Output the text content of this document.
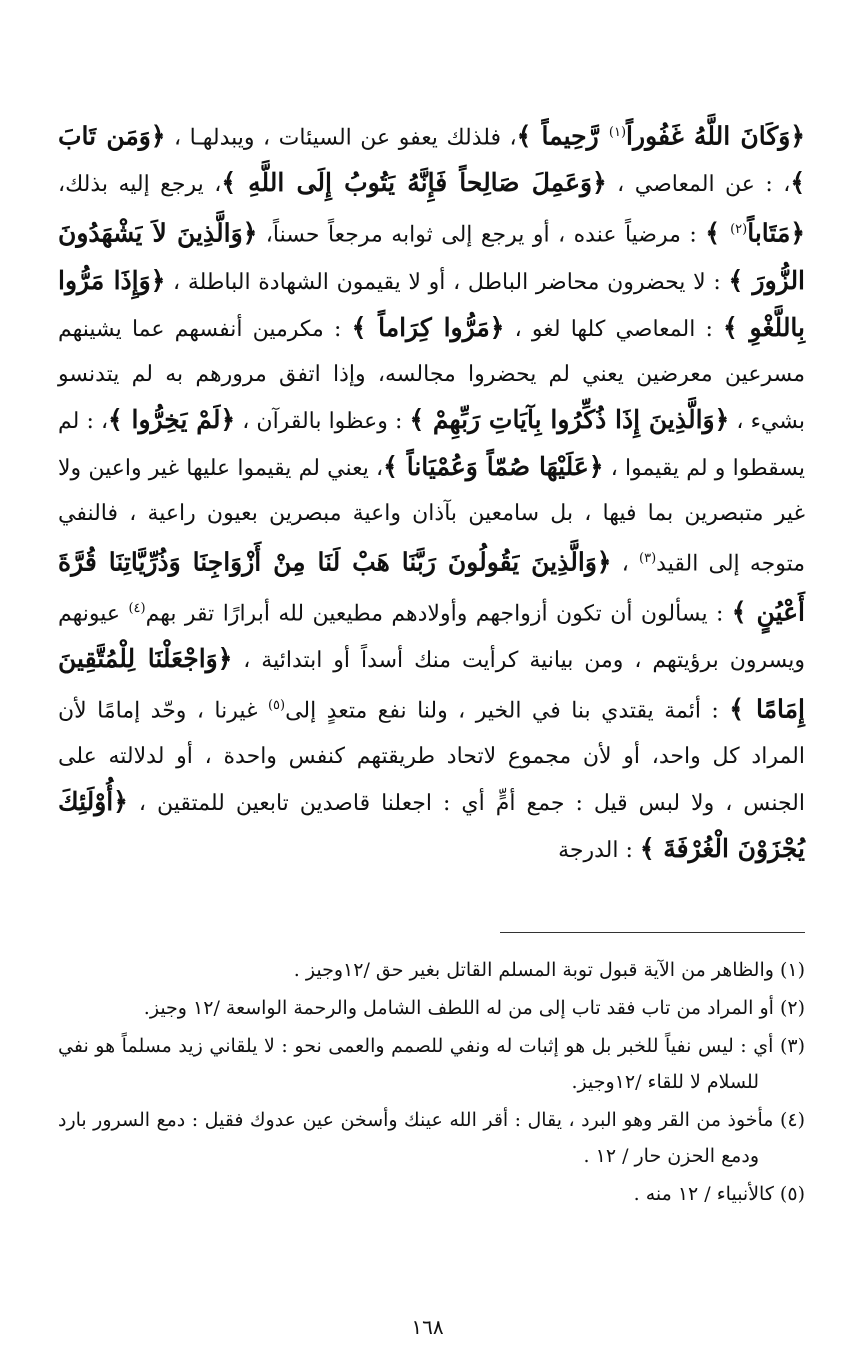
﴿وَكَانَ اللَّهُ غَفُوراً$^{(١)}$ رَّحِيماً ﴾، فلذلك يعفو عن السيئات ، ويبدلهـا ، ﴿وَمَن تَابَ ﴾، : عن المعاصي ، ﴿وَعَمِلَ صَالِحاً فَإِنَّهُ يَتُوبُ إِلَى اللَّهِ ﴾، يرجع إليه بذلك، ﴿مَتَاباً$^{(٢)}$ ﴾ : مرضياً عنده ، أو يرجع إلى ثوابه مرجعاً حسناً، ﴿وَالَّذِينَ لاَ يَشْهَدُونَ الزُّورَ ﴾ : لا يحضرون محاضر الباطل ، أو لا يقيمون الشهادة الباطلة ، ﴿وَإِذَا مَرُّوا بِاللَّغْوِ ﴾ : المعاصي كلها لغو ، ﴿مَرُّوا كِرَاماً ﴾ : مكرمين أنفسهم عما يشينهم مسرعين معرضين يعني لم يحضروا مجالسه، وإذا اتفق مرورهم به لم يتدنسو بشيء ، ﴿وَالَّذِينَ إِذَا ذُكِّرُوا بِآيَاتِ رَبِّهِمْ ﴾ : وعظوا بالقرآن ، ﴿لَمْ يَخِرُّوا ﴾، : لم يسقطوا و لم يقيموا ، ﴿عَلَيْهَا صُمّاً وَعُمْيَاناً ﴾، يعني لم يقيموا عليها غير واعين ولا غير متبصرين بما فيها ، بل سامعين بآذان واعية مبصرين بعيون راعية ، فالنفي متوجه إلى القيد$^{(٣)}$ ، ﴿وَالَّذِينَ يَقُولُونَ رَبَّنَا هَبْ لَنَا مِنْ أَزْوَاجِنَا وَذُرِّيَّاتِنَا قُرَّةَ أَعْيُنٍ ﴾ : يسألون أن تكون أزواجهم وأولادهم مطيعين لله أبرارًا تقر بهم$^{(٤)}$ عيونهم ويسرون برؤيتهم ، ومن بيانية كرأيت منك أسداً أو ابتدائية ، ﴿وَاجْعَلْنَا لِلْمُتَّقِينَ إِمَامًا ﴾ : أئمة يقتدي بنا في الخير ، ولنا نفع متعدٍ إلى$^{(٥)}$ غيرنا ، وحّد إمامًا لأن المراد كل واحد، أو لأن مجموع لاتحاد طريقتهم كنفس واحدة ، أو لدلالته على الجنس ، ولا لبس قيل : جمع أمٍّ أي : اجعلنا قاصدين تابعين للمتقين ، ﴿أُوْلَئِكَ يُجْزَوْنَ الْغُرْفَةَ ﴾ : الدرجة

(١) والظاهر من الآية قبول توبة المسلم القاتل بغير حق /١٢وجيز .

(٢) أو المراد من تاب فقد تاب إلى من له اللطف الشامل والرحمة الواسعة /١٢ وجيز.

(٣) أي : ليس نفياً للخبر بل هو إثبات له ونفي للصمم والعمى نحو : لا يلقاني زيد مسلماً هو نفي للسلام لا للقاء /١٢وجيز.

(٤) مأخوذ من القر وهو البرد ، يقال : أقر الله عينك وأسخن عين عدوك فقيل : دمع السرور بارد ودمع الحزن حار / ١٢ .

(٥) كالأنبياء / ١٢ منه .

١٦٨
